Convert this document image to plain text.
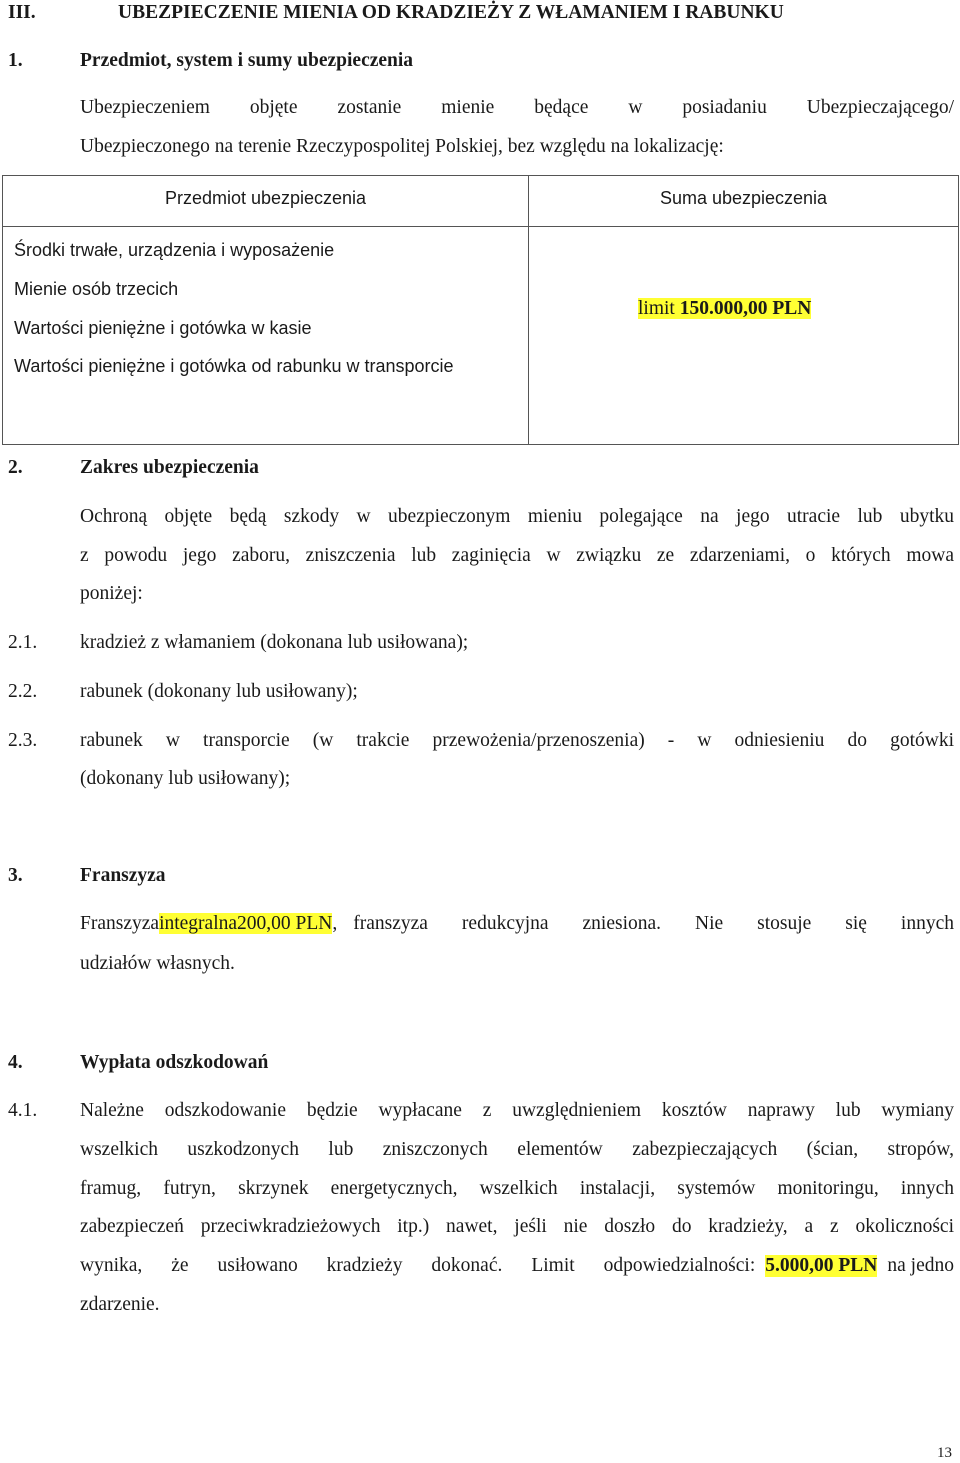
III.	UBEZPIECZENIE MIENIA OD KRADZIEŻY Z WŁAMANIEM I RABUNKU
1.	Przedmiot, system i sumy ubezpieczenia
Ubezpieczeniem objęte zostanie mienie będące w posiadaniu Ubezpieczającego/
Ubezpieczonego na terenie Rzeczypospolitej Polskiej, bez względu na lokalizację:
Przedmiot ubezpieczenia	Suma ubezpieczenia
Środki trwałe, urządzenia i wyposażenie
Mienie osób trzecich
Wartości pieniężne i gotówka w kasie
Wartości pieniężne i gotówka od rabunku w transporcie
limit 150.000,00 PLN
2.	Zakres ubezpieczenia
Ochroną objęte będą szkody w ubezpieczonym mieniu polegające na jego utracie lub ubytku
z powodu jego zaboru, zniszczenia lub zaginięcia w związku ze zdarzeniami, o których mowa
poniżej:
2.1. kradzież z włamaniem (dokonana lub usiłowana);
2.2. rabunek (dokonany lub usiłowany);
2.3. rabunek w transporcie (w trakcie przewożenia/przenoszenia) - w odniesieniu do gotówki
(dokonany lub usiłowany);
3.	Franszyza
Franszyza integralna 200,00 PLN, franszyza redukcyjna zniesiona. Nie stosuje się innych
udziałów własnych.
4.	Wypłata odszkodowań
4.1. Należne odszkodowanie będzie wypłacane z uwzględnieniem kosztów naprawy lub wymiany
wszelkich uszkodzonych lub zniszczonych elementów zabezpieczających (ścian, stropów,
framug, futryn, skrzynek energetycznych, wszelkich instalacji, systemów monitoringu, innych
zabezpieczeń przeciwkradzieżowych itp.) nawet, jeśli nie doszło do kradzieży, a z okoliczności
wynika, że usiłowano kradzieży dokonać. Limit odpowiedzialności: 5.000,00 PLN na jedno
zdarzenie.
13
